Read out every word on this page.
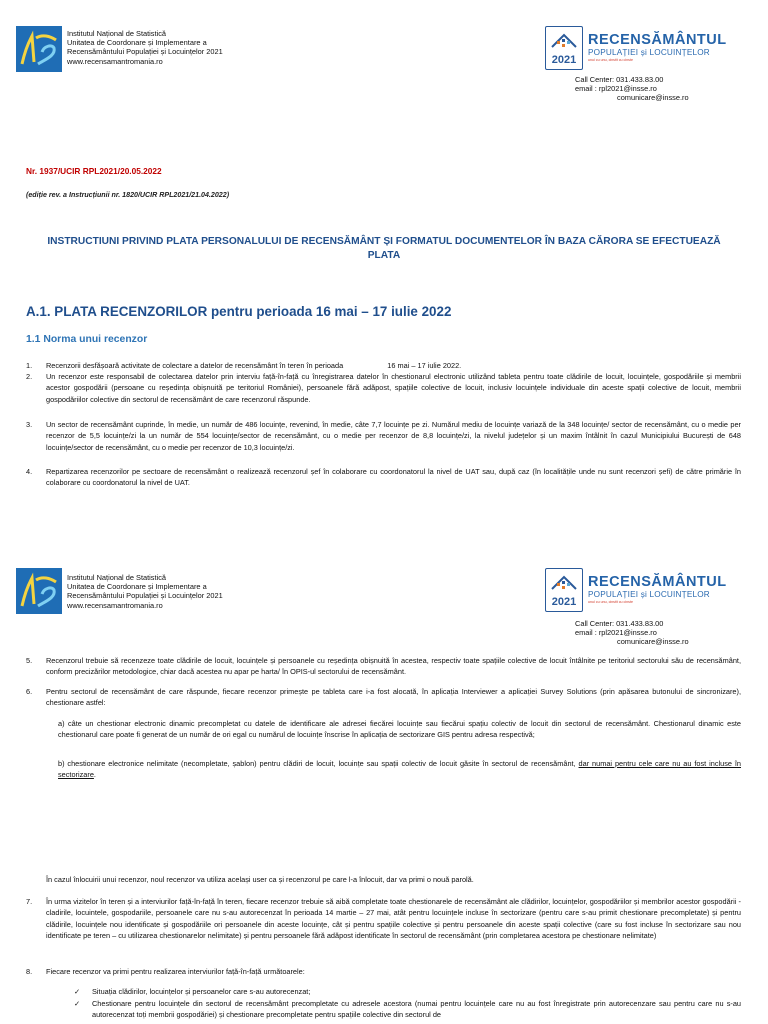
Institutul Național de Statistică
Unitatea de Coordonare și Implementare a
Recensământului Populației și Locuințelor 2021
www.recensamantromania.ro	2021
RECENSĂMÂNTUL
POPULAȚIEI și LOCUINȚELOR
unul cu unu, cinstit cu cinste
Call Center: 031.433.83.00
email : rpl2021@insse.ro
comunicare@insse.ro
Nr. 1937/UCIR RPL2021/20.05.2022
(ediție rev. a Instrucțiunii nr. 1820/UCIR RPL2021/21.04.2022)
INSTRUCTIUNI PRIVIND PLATA PERSONALULUI DE RECENSĂMÂNT ȘI FORMATUL DOCUMENTELOR ÎN BAZA CĂRORA SE EFECTUEAZĂ
PLATA
A.1. PLATA RECENZORILOR pentru perioada 16 mai – 17 iulie 2022
1.1 Norma unui recenzor
1. Recenzorii desfășoară activitate de colectare a datelor de recensământ în teren în perioada	16 mai – 17 iulie 2022.
2. Un recenzor este responsabil de colectarea datelor prin interviu față-în-față cu înregistrarea datelor în chestionarul electronic utilizând tableta pentru toate clădirile de locuit, locuințele, gospodăriile și membrii acestor gospodării (persoane cu reședința obișnuită pe teritoriul României), persoanele fără adăpost, spațiile colective de locuit, inclusiv locuințele individuale din aceste spații colective de locuit, membrii gospodăriilor colective din sectorul de recensământ de care recenzorul răspunde.
3. Un sector de recensământ cuprinde, în medie, un număr de 486 locuințe, revenind, în medie, câte 7,7 locuințe pe zi. Numărul mediu de locuințe variază de la 348 locuințe/ sector de recensământ, cu o medie per recenzor de 5,5 locuințe/zi la un număr de 554 locuințe/sector de recensământ, cu o medie per recenzor de 8,8 locuințe/zi, la nivelul județelor și un maxim întâlnit în cazul Municipiului București de 648 locuințe/sector de recensământ, cu o medie per recenzor de 10,3 locuințe/zi.
4. Repartizarea recenzorilor pe sectoare de recensământ o realizează recenzorul șef în colaborare cu coordonatorul la nivel de UAT sau, după caz (în localitățile unde nu sunt recenzori șefi) de către primărie în colaborare cu coordonatorul la nivel de UAT.
Institutul Național de Statistică
Unitatea de Coordonare și Implementare a
Recensământului Populației și Locuințelor 2021
www.recensamantromania.ro	2021
RECENSĂMÂNTUL
POPULAȚIEI și LOCUINȚELOR
unul cu unu, cinstit cu cinste
Call Center: 031.433.83.00
email : rpl2021@insse.ro
comunicare@insse.ro
5. Recenzorul trebuie să recenzeze toate clădirile de locuit, locuințele și persoanele cu reședința obișnuită în acestea, respectiv toate spațiile colective de locuit întâlnite pe teritoriul sectorului său de recensământ, conform precizărilor metodologice, chiar dacă acestea nu apar pe harta/ în OPIS-ul sectorului de recensământ.
6. Pentru sectorul de recensământ de care răspunde, fiecare recenzor primește pe tableta care i-a fost alocată, în aplicația Interviewer a aplicației Survey Solutions (prin apăsarea butonului de sincronizare), chestionare astfel:
a) câte un chestionar electronic dinamic precompletat cu datele de identificare ale adresei fiecărei locuințe sau fiecărui spațiu colectiv de locuit din sectorul de recensământ. Chestionarul dinamic este chestionarul care poate fi generat de un număr de ori egal cu numărul de locuințe înscrise în aplicația de sectorizare GIS pentru adresa respectivă;
b) chestionare electronice nelimitate (necompletate, șablon) pentru clădiri de locuit, locuințe sau spații colectiv de locuit găsite în sectorul de recensământ, dar numai pentru cele care nu au fost incluse în sectorizare.
În cazul înlocuirii unui recenzor, noul recenzor va utiliza același user ca și recenzorul pe care l-a înlocuit, dar va primi o nouă parolă.
7. În urma vizitelor în teren și a interviurilor față-în-față în teren, fiecare recenzor trebuie să aibă completate toate chestionarele de recensământ ale clădirilor, locuințelor, gospodăriilor și membrilor acestor gospodării - cladirile, locuintele, gospodariile, persoanele care nu s-au autorecenzat în perioada 14 martie – 27 mai, atât pentru locuințele incluse în sectorizare (pentru care s-au primit chestionare precompletate) și pentru clădirile, locuințele nou identificate și gospodăriile ori persoanele din aceste locuințe, cât și pentru spațiile colective și pentru persoanele din aceste spații colective (care su fost incluse în sectorizare sau nou identificate pe teren – cu utilizarea chestionarelor nelimitate) și pentru persoanele fără adăpost identificate în sectorul de recensământ (prin completarea acestora pe chestionare nelimitate)
8. Fiecare recenzor va primi pentru realizarea interviurilor față-în-față următoarele:
✓ Situația clădirilor, locuințelor și persoanelor care s-au autorecenzat;
✓ Chestionare pentru locuințele din sectorul de recensământ precompletate cu adresele acestora (numai pentru locuințele care nu au fost înregistrate prin autorecenzare sau pentru care nu s-au autorecenzat toți membrii gospodăriei) și chestionare precompletate pentru spațiile colective din sectorul de
